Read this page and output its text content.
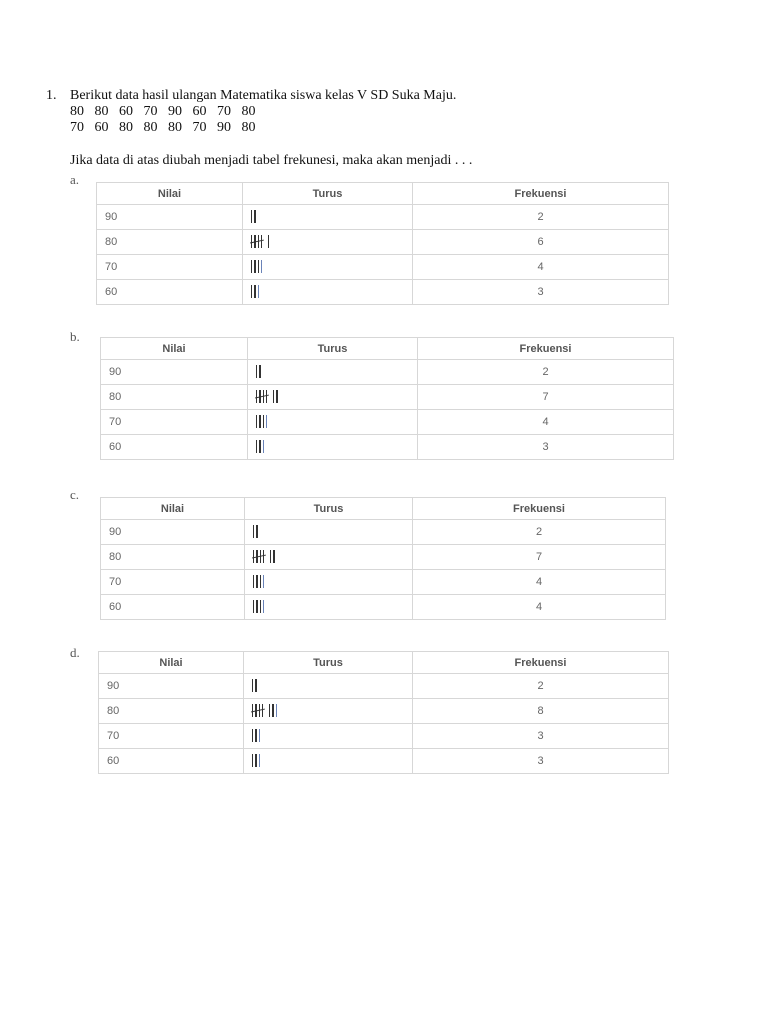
1. Berikut data hasil ulangan Matematika siswa kelas V SD Suka Maju.
80   80   60   70   90   60   70   80
70   60   80   80   80   70   90   80
Jika data di atas diubah menjadi tabel frekunesi, maka akan menjadi . . .
a.
Nilai	Turus	Frekuensi
90		2
80		6
70		4
60		3
b.
Nilai	Turus	Frekuensi
90		2
80		7
70		4
60		3
c.
Nilai	Turus	Frekuensi
90		2
80		7
70		4
60		4
d.
Nilai	Turus	Frekuensi
90		2
80		8
70		3
60		3
